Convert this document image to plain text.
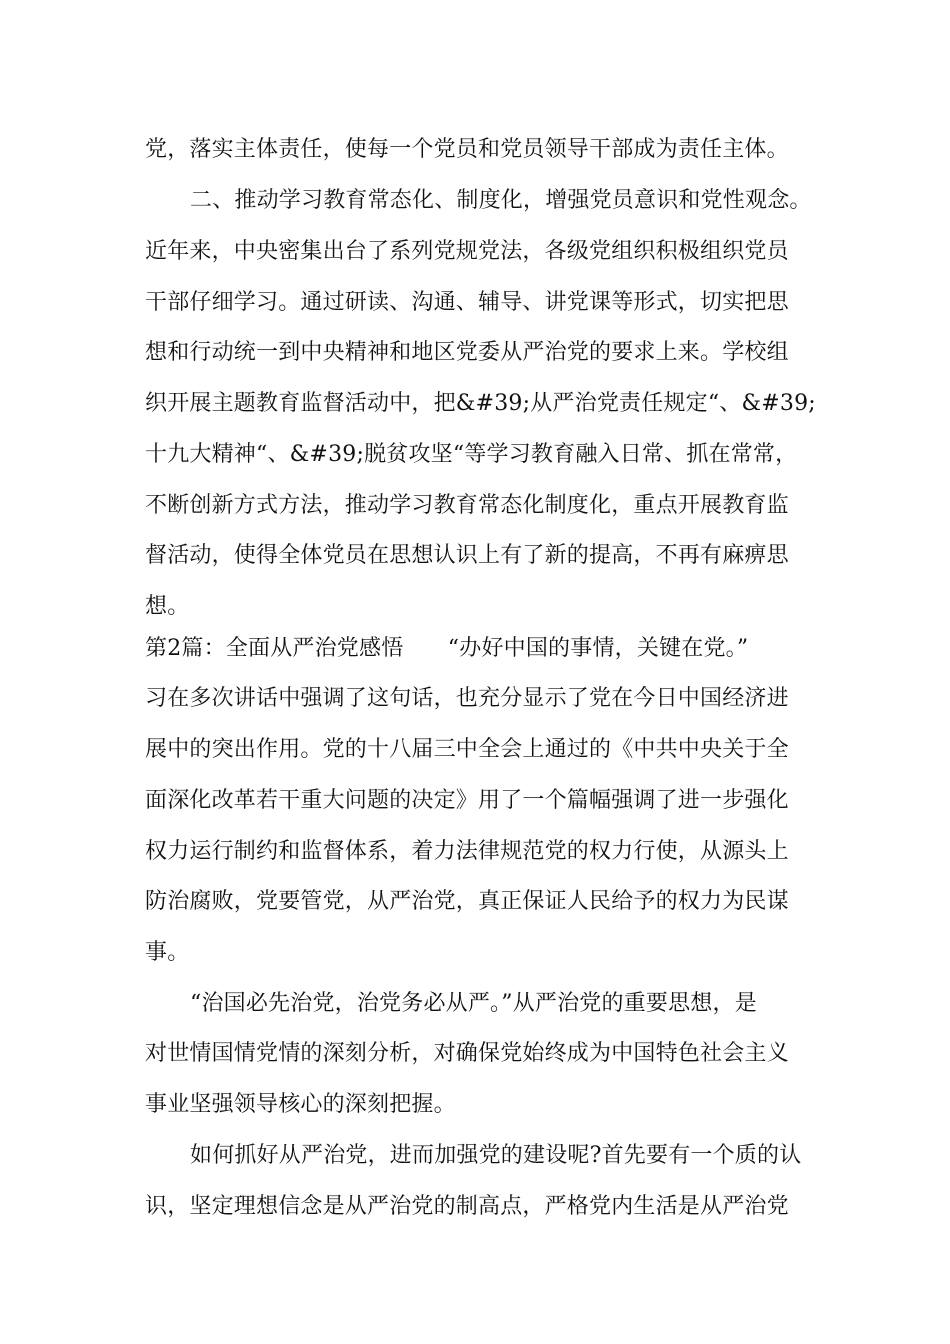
党，落实主体责任，使每一个党员和党员领导干部成为责任主体。
二、推动学习教育常态化、制度化，增强党员意识和党性观念。
近年来，中央密集出台了系列党规党法，各级党组织积极组织党员
干部仔细学习。通过研读、沟通、辅导、讲党课等形式，切实把思
想和行动统一到中央精神和地区党委从严治党的要求上来。学校组
织开展主题教育监督活动中，把&#39;从严治党责任规定“、&#39;
十九大精神“、&#39;脱贫攻坚“等学习教育融入日常、抓在常常，
不断创新方式方法，推动学习教育常态化制度化，重点开展教育监
督活动，使得全体党员在思想认识上有了新的提高，不再有麻痹思
想。
第2篇：全面从严治党感悟　　“办好中国的事情，关键在党。”
习在多次讲话中强调了这句话，也充分显示了党在今日中国经济进
展中的突出作用。党的十八届三中全会上通过的《中共中央关于全
面深化改革若干重大问题的决定》用了一个篇幅强调了进一步强化
权力运行制约和监督体系，着力法律规范党的权力行使，从源头上
防治腐败，党要管党，从严治党，真正保证人民给予的权力为民谋
事。
“治国必先治党，治党务必从严。”从严治党的重要思想，是
对世情国情党情的深刻分析，对确保党始终成为中国特色社会主义
事业坚强领导核心的深刻把握。
如何抓好从严治党，进而加强党的建设呢?首先要有一个质的认
识，坚定理想信念是从严治党的制高点，严格党内生活是从严治党
